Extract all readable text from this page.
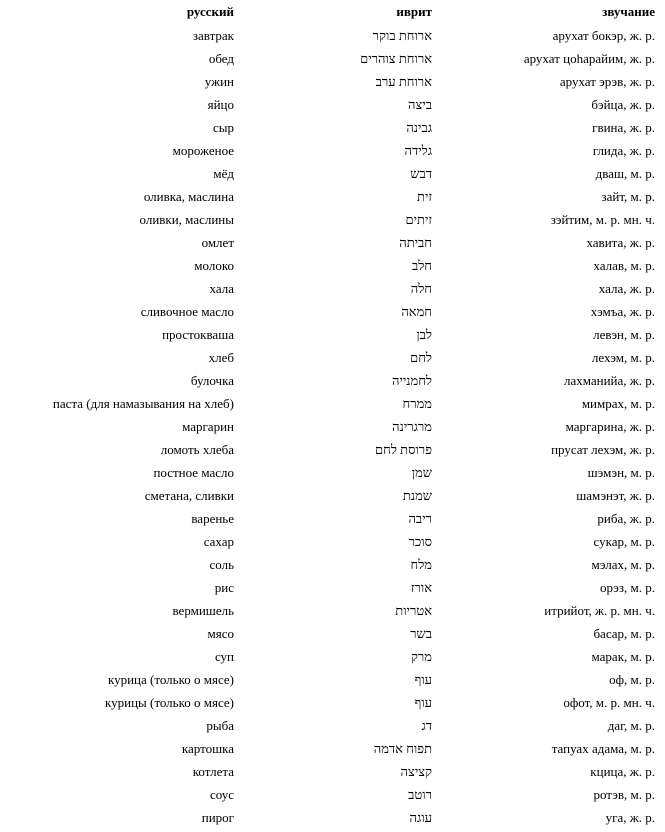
русский	иврит	звучание
завтрак	ארוחת בוקר	арухат бокэр, ж. р.
обед	ארוחת צוהרים	арухат цоhарайим, ж. р.
ужин	ארוחת ערב	арухат эрэв, ж. р.
яйцо	ביצה	бэйца, ж. р.
сыр	גבינה	гвина, ж. р.
мороженое	גלידה	глида, ж. р.
мёд	דבש	дваш, м. р.
оливка, маслина	זית	зайт, м. р.
оливки, маслины	זיתים	зэйтим, м. р. мн. ч.
омлет	חביתה	хавита, ж. р.
молоко	חלב	халав, м. р.
хала	חלה	хала, ж. р.
сливочное масло	חמאה	хэмъа, ж. р.
простокваша	לבן	левэн, м. р.
хлеб	לחם	лехэм, м. р.
булочка	לחמנייה	лахманийа, ж. р.
паста (для намазывания на хлеб)	ממרח	мимрах, м. р.
маргарин	מרגרינה	маргарина, ж. р.
ломоть хлеба	פרוסת לחם	прусат лехэм, ж. р.
постное масло	שמן	шэмэн, м. р.
сметана, сливки	שמנת	шамэнэт, ж. р.
варенье	ריבה	риба, ж. р.
сахар	סוכר	сукар, м. р.
соль	מלח	мэлах, м. р.
рис	אורז	орэз, м. р.
вермишель	אטריות	итрийот, ж. р. мн. ч.
мясо	בשר	басар, м. р.
суп	מרק	марак, м. р.
курица (только о мясе)	עוף	оф, м. р.
курицы (только о мясе)	עוף	офот, м. р. мн. ч.
рыба	דג	даг, м. р.
картошка	תפוח אדמה	тапуах адама, м. р.
котлета	קציצה	кцица, ж. р.
соус	רוטב	ротэв, м. р.
пирог	עוגה	уга, ж. р.
